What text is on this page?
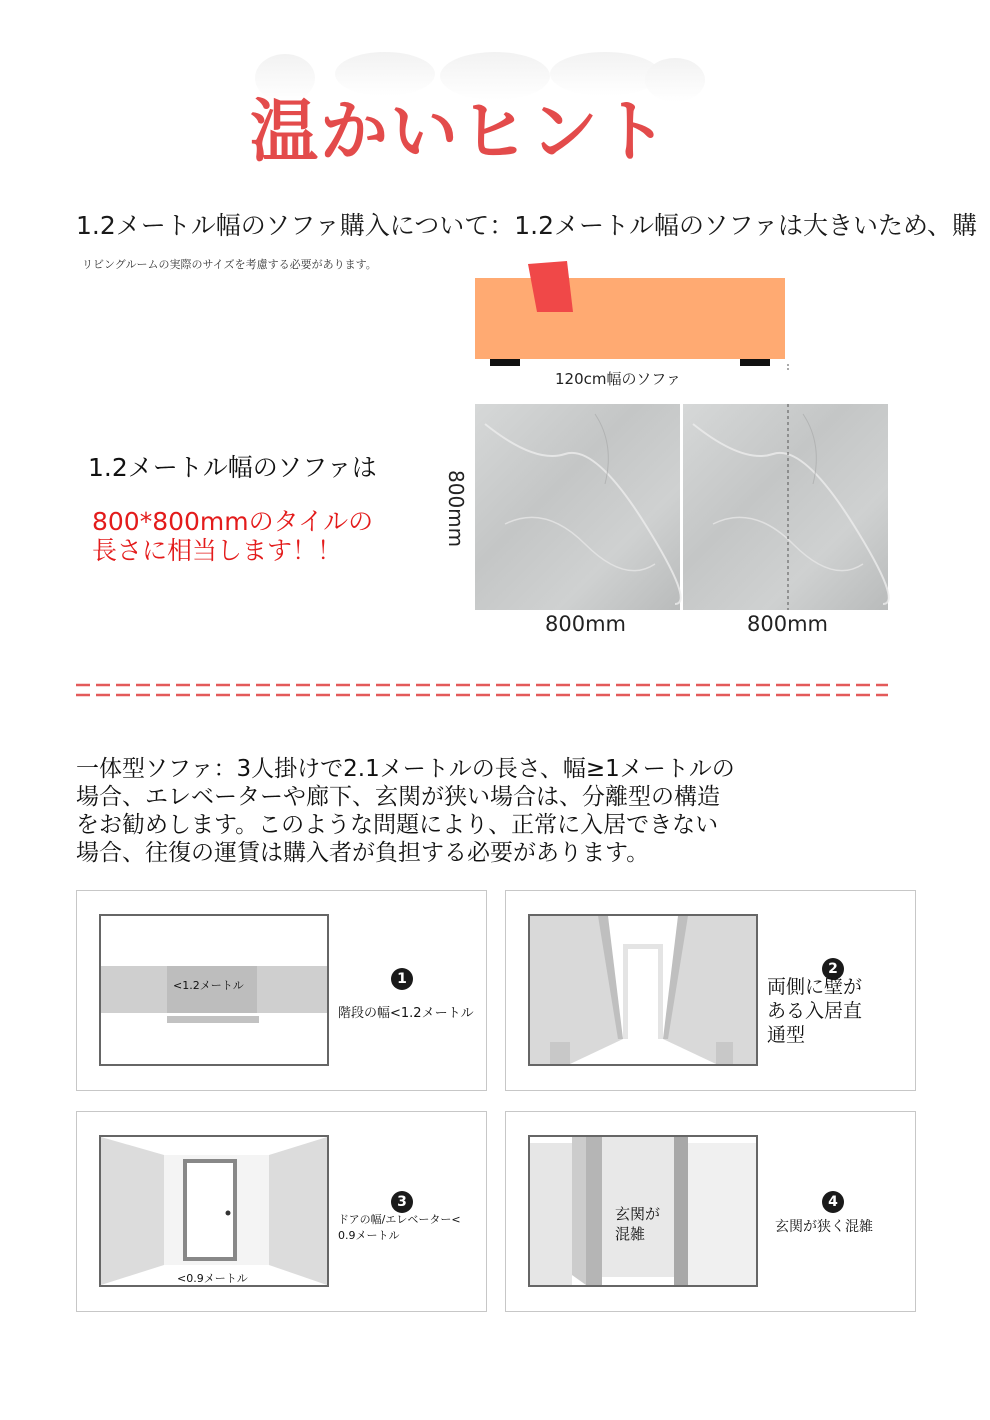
温かいヒント
1.2メートル幅のソファ購入について：1.2メートル幅のソファは大きいため、購
リビングルームの実際のサイズを考慮する必要があります。
120cm幅のソファ
800mm
800mm	800mm
1.2メートル幅のソファは
800*800mmのタイルの
長さに相当します！！
一体型ソファ：3人掛けで2.1メートルの長さ、幅≥1メートルの
場合、エレベーターや廊下、玄関が狭い場合は、分離型の構造
をお勧めします。このような問題により、正常に入居できない
場合、往復の運賃は購入者が負担する必要があります。
<1.2メートル	1
階段の幅<1.2メートル
2
両側に壁が
ある入居直
通型
<0.9メートル
3
ドアの幅/エレベーター<
0.9メートル
玄関が
混雑
4
玄関が狭く混雑
